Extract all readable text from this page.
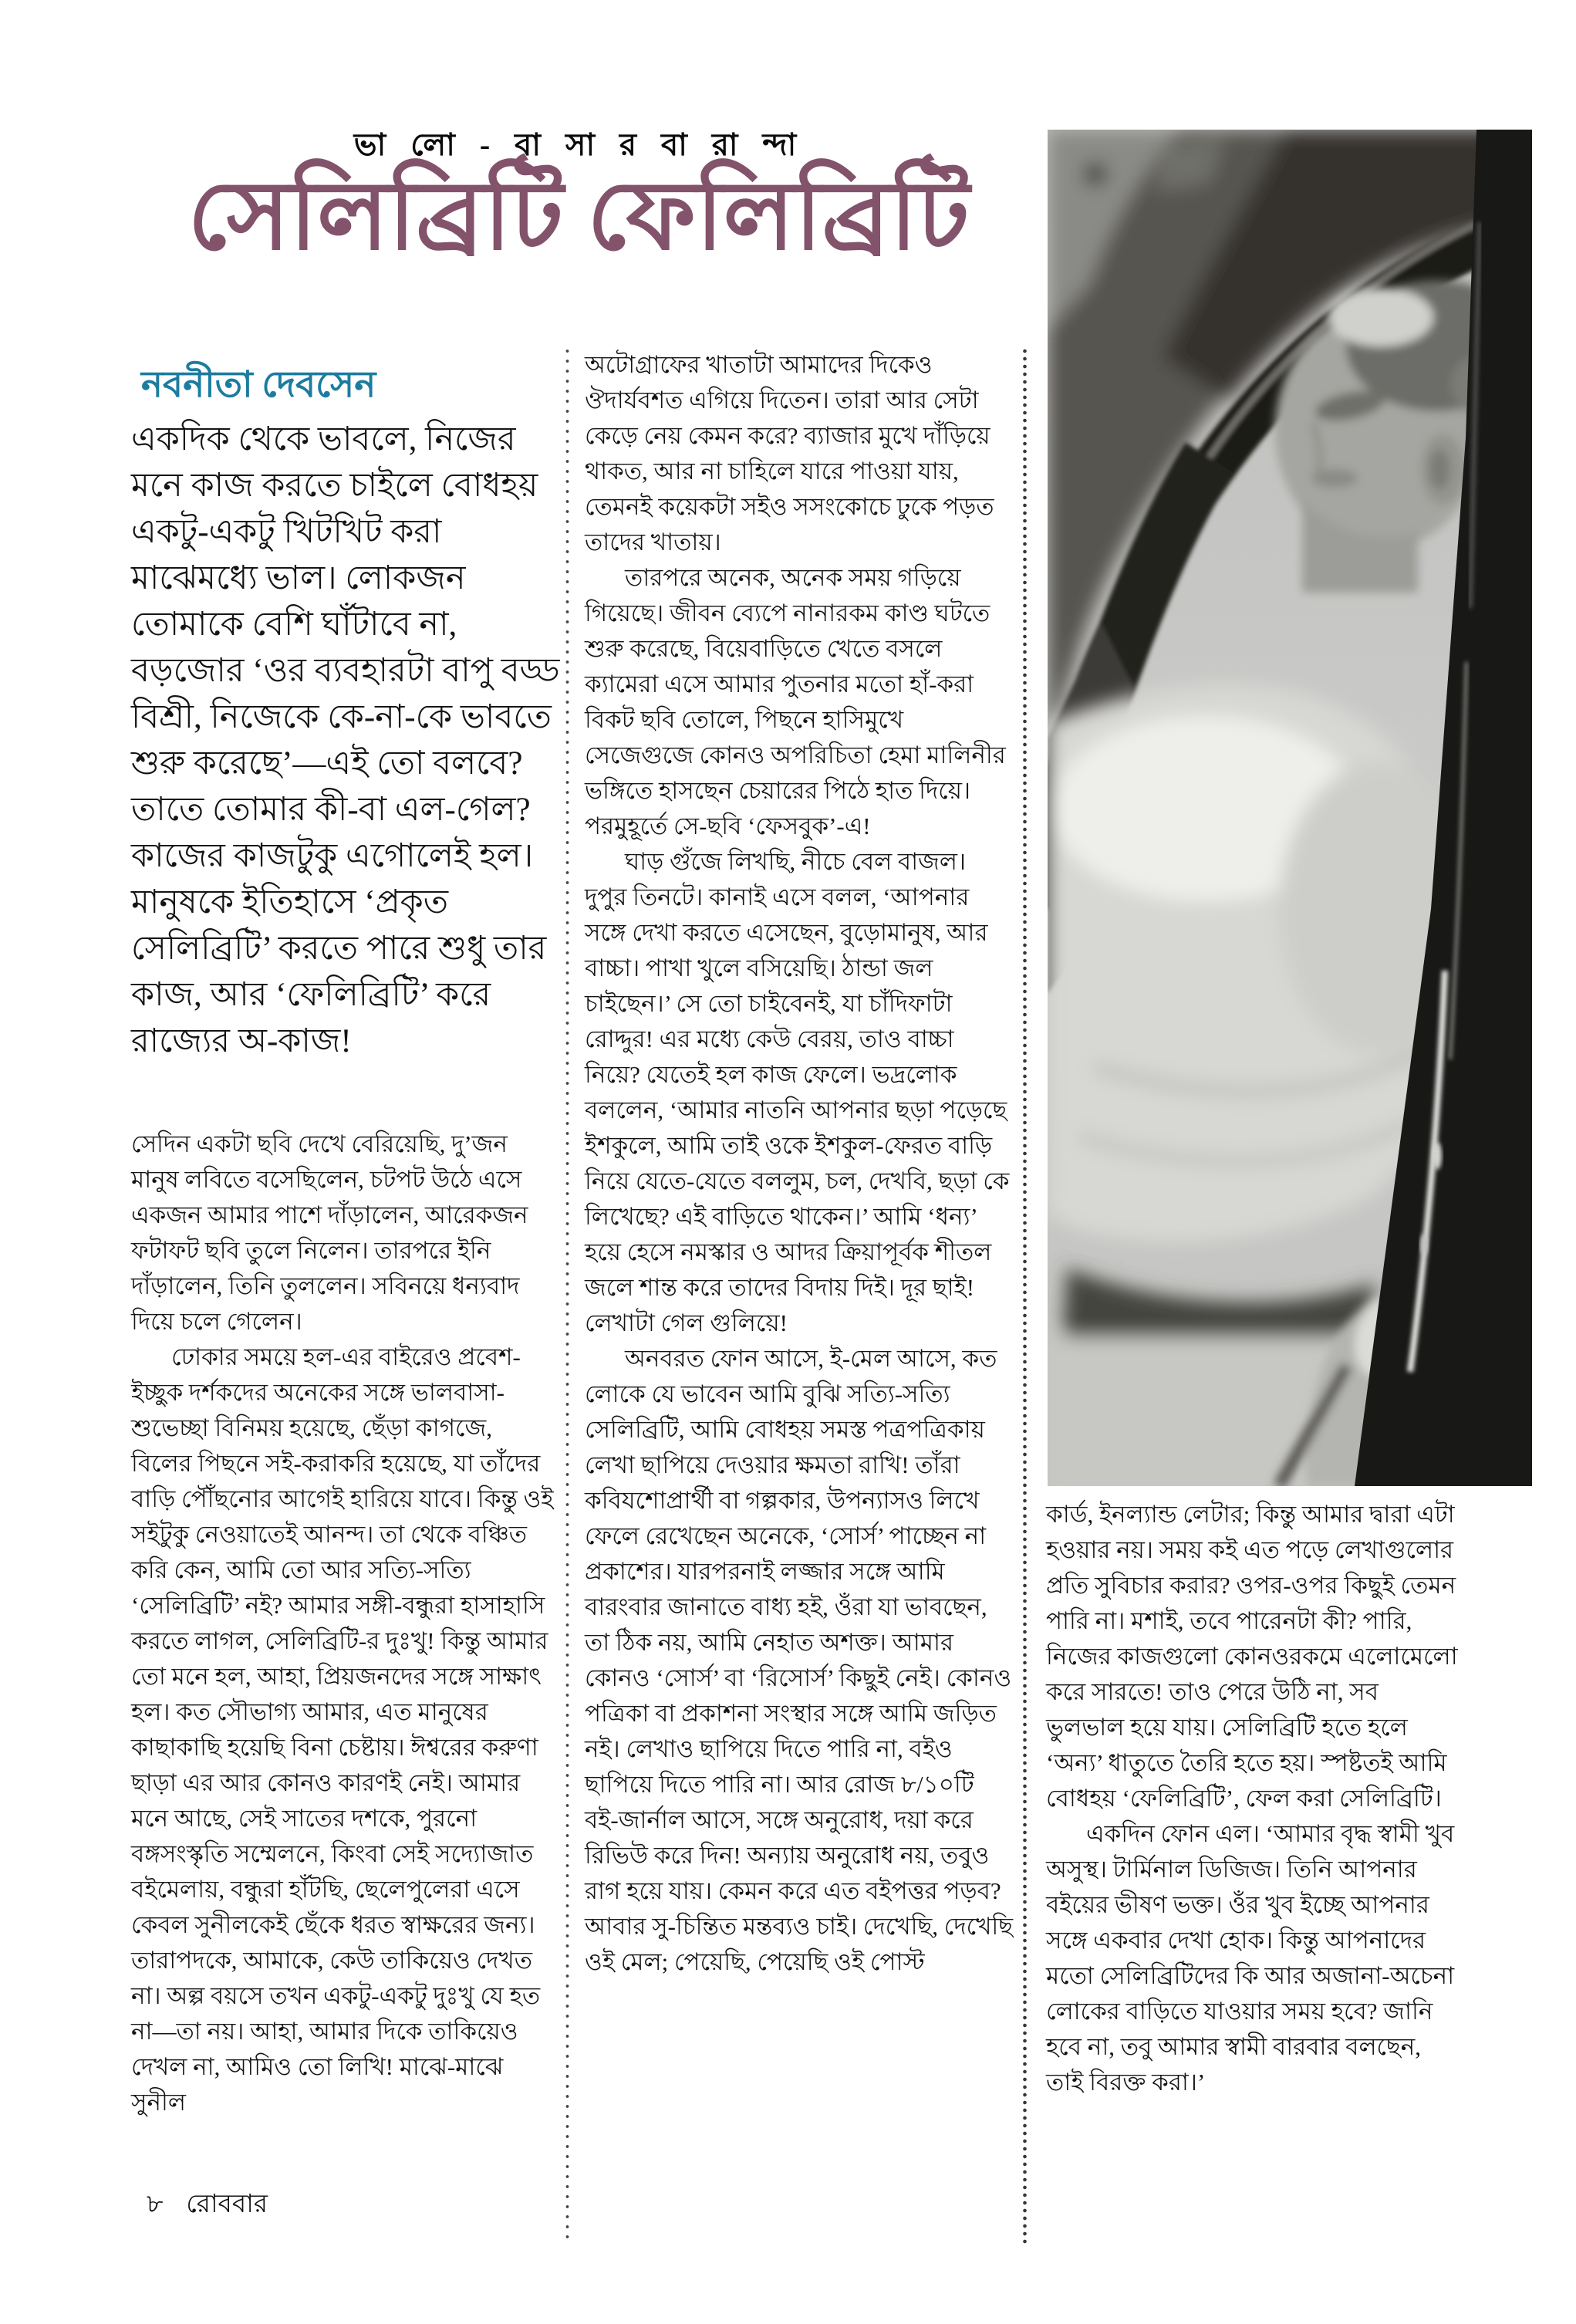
ভা লো - বা সা র বা রা ন্দা
সেলিব্রিটি ফেলিব্রিটি
নবনীতা দেবসেন

একদিক থেকে ভাবলে, নিজের মনে কাজ করতে চাইলে বোধহয় একটু-একটু খিটখিট করা মাঝেমধ্যে ভাল। লোকজন তোমাকে বেশি ঘাঁটাবে না, বড়জোর ‘ওর ব্যবহারটা বাপু বড্ড বিশ্রী, নিজেকে কে-না-কে ভাবতে শুরু করেছে’—এই তো বলবে? তাতে তোমার কী-বা এল-গেল? কাজের কাজটুকু এগোলেই হল। মানুষকে ইতিহাসে ‘প্রকৃত সেলিব্রিটি’ করতে পারে শুধু তার কাজ, আর ‘ফেলিব্রিটি’ করে রাজ্যের অ-কাজ!

সেদিন একটা ছবি দেখে বেরিয়েছি, দু’জন মানুষ লবিতে বসেছিলেন, চটপট উঠে এসে একজন আমার পাশে দাঁড়ালেন, আরেকজন ফটাফট ছবি তুলে নিলেন। তারপরে ইনি দাঁড়ালেন, তিনি তুললেন। সবিনয়ে ধন্যবাদ দিয়ে চলে গেলেন।

ঢোকার সময়ে হল-এর বাইরেও প্রবেশ-ইচ্ছুক দর্শকদের অনেকের সঙ্গে ভালবাসা-শুভেচ্ছা বিনিময় হয়েছে, ছেঁড়া কাগজে, বিলের পিছনে সই-করাকরি হয়েছে, যা তাঁদের বাড়ি পৌঁছনোর আগেই হারিয়ে যাবে। কিন্তু ওই সইটুকু নেওয়াতেই আনন্দ। তা থেকে বঞ্চিত করি কেন, আমি তো আর সত্যি-সত্যি ‘সেলিব্রিটি’ নই? আমার সঙ্গী-বন্ধুরা হাসাহাসি করতে লাগল, সেলিব্রিটি-র দুঃখু! কিন্তু আমার তো মনে হল, আহা, প্রিয়জনদের সঙ্গে সাক্ষাৎ হল। কত সৌভাগ্য আমার, এত মানুষের কাছাকাছি হয়েছি বিনা চেষ্টায়। ঈশ্বরের করুণা ছাড়া এর আর কোনও কারণই নেই। আমার মনে আছে, সেই সাতের দশকে, পুরনো বঙ্গসংস্কৃতি সম্মেলনে, কিংবা সেই সদ্যোজাত বইমেলায়, বন্ধুরা হাঁটছি, ছেলেপুলেরা এসে কেবল সুনীলকেই ছেঁকে ধরত স্বাক্ষরের জন্য। তারাপদকে, আমাকে, কেউ তাকিয়েও দেখত না। অল্প বয়সে তখন একটু-একটু দুঃখু যে হত না—তা নয়। আহা, আমার দিকে তাকিয়েও দেখল না, আমিও তো লিখি! মাঝে-মাঝে সুনীল

অটোগ্রাফের খাতাটা আমাদের দিকেও ঔদার্যবশত এগিয়ে দিতেন। তারা আর সেটা কেড়ে নেয় কেমন করে? ব্যাজার মুখে দাঁড়িয়ে থাকত, আর না চাহিলে যারে পাওয়া যায়, তেমনই কয়েকটা সইও সসংকোচে ঢুকে পড়ত তাদের খাতায়।

তারপরে অনেক, অনেক সময় গড়িয়ে গিয়েছে। জীবন ব্যেপে নানারকম কাণ্ড ঘটতে শুরু করেছে, বিয়েবাড়িতে খেতে বসলে ক্যামেরা এসে আমার পুতনার মতো হাঁ-করা বিকট ছবি তোলে, পিছনে হাসিমুখে সেজেগুজে কোনও অপরিচিতা হেমা মালিনীর ভঙ্গিতে হাসছেন চেয়ারের পিঠে হাত দিয়ে। পরমুহূর্তে সে-ছবি ‘ফেসবুক’-এ!

ঘাড় গুঁজে লিখছি, নীচে বেল বাজল। দুপুর তিনটে। কানাই এসে বলল, ‘আপনার সঙ্গে দেখা করতে এসেছেন, বুড়োমানুষ, আর বাচ্চা। পাখা খুলে বসিয়েছি। ঠান্ডা জল চাইছেন।’ সে তো চাইবেনই, যা চাঁদিফাটা রোদ্দুর! এর মধ্যে কেউ বেরয়, তাও বাচ্চা নিয়ে? যেতেই হল কাজ ফেলে। ভদ্রলোক বললেন, ‘আমার নাতনি আপনার ছড়া পড়েছে ইশকুলে, আমি তাই ওকে ইশকুল-ফেরত বাড়ি নিয়ে যেতে-যেতে বললুম, চল, দেখবি, ছড়া কে লিখেছে? এই বাড়িতে থাকেন।’ আমি ‘ধন্য’ হয়ে হেসে নমস্কার ও আদর ক্রিয়াপূর্বক শীতল জলে শান্ত করে তাদের বিদায় দিই। দূর ছাই! লেখাটা গেল গুলিয়ে!

অনবরত ফোন আসে, ই-মেল আসে, কত লোকে যে ভাবেন আমি বুঝি সত্যি-সত্যি সেলিব্রিটি, আমি বোধহয় সমস্ত পত্রপত্রিকায় লেখা ছাপিয়ে দেওয়ার ক্ষমতা রাখি! তাঁরা কবিযশোপ্রার্থী বা গল্পকার, উপন্যাসও লিখে ফেলে রেখেছেন অনেকে, ‘সোর্স’ পাচ্ছেন না প্রকাশের। যারপরনাই লজ্জার সঙ্গে আমি বারংবার জানাতে বাধ্য হই, ওঁরা যা ভাবছেন, তা ঠিক নয়, আমি নেহাত অশক্ত। আমার কোনও ‘সোর্স’ বা ‘রিসোর্স’ কিছুই নেই। কোনও পত্রিকা বা প্রকাশনা সংস্থার সঙ্গে আমি জড়িত নই। লেখাও ছাপিয়ে দিতে পারি না, বইও ছাপিয়ে দিতে পারি না। আর রোজ ৮/১০টি বই-জার্নাল আসে, সঙ্গে অনুরোধ, দয়া করে রিভিউ করে দিন! অন্যায় অনুরোধ নয়, তবুও রাগ হয়ে যায়। কেমন করে এত বইপত্তর পড়ব? আবার সু-চিন্তিত মন্তব্যও চাই। দেখেছি, দেখেছি ওই মেল; পেয়েছি, পেয়েছি ওই পোস্ট

কার্ড, ইনল্যান্ড লেটার; কিন্তু আমার দ্বারা এটা হওয়ার নয়। সময় কই এত পড়ে লেখাগুলোর প্রতি সুবিচার করার? ওপর-ওপর কিছুই তেমন পারি না। মশাই, তবে পারেনটা কী? পারি, নিজের কাজগুলো কোনওরকমে এলোমেলো করে সারতে! তাও পেরে উঠি না, সব ভুলভাল হয়ে যায়। সেলিব্রিটি হতে হলে ‘অন্য’ ধাতুতে তৈরি হতে হয়। স্পষ্টতই আমি বোধহয় ‘ফেলিব্রিটি’, ফেল করা সেলিব্রিটি।

একদিন ফোন এল। ‘আমার বৃদ্ধ স্বামী খুব অসুস্থ। টার্মিনাল ডিজিজ। তিনি আপনার বইয়ের ভীষণ ভক্ত। ওঁর খুব ইচ্ছে আপনার সঙ্গে একবার দেখা হোক। কিন্তু আপনাদের মতো সেলিব্রিটিদের কি আর অজানা-অচেনা লোকের বাড়িতে যাওয়ার সময় হবে? জানি হবে না, তবু আমার স্বামী বারবার বলছেন, তাই বিরক্ত করা।’

৮ রোববার
